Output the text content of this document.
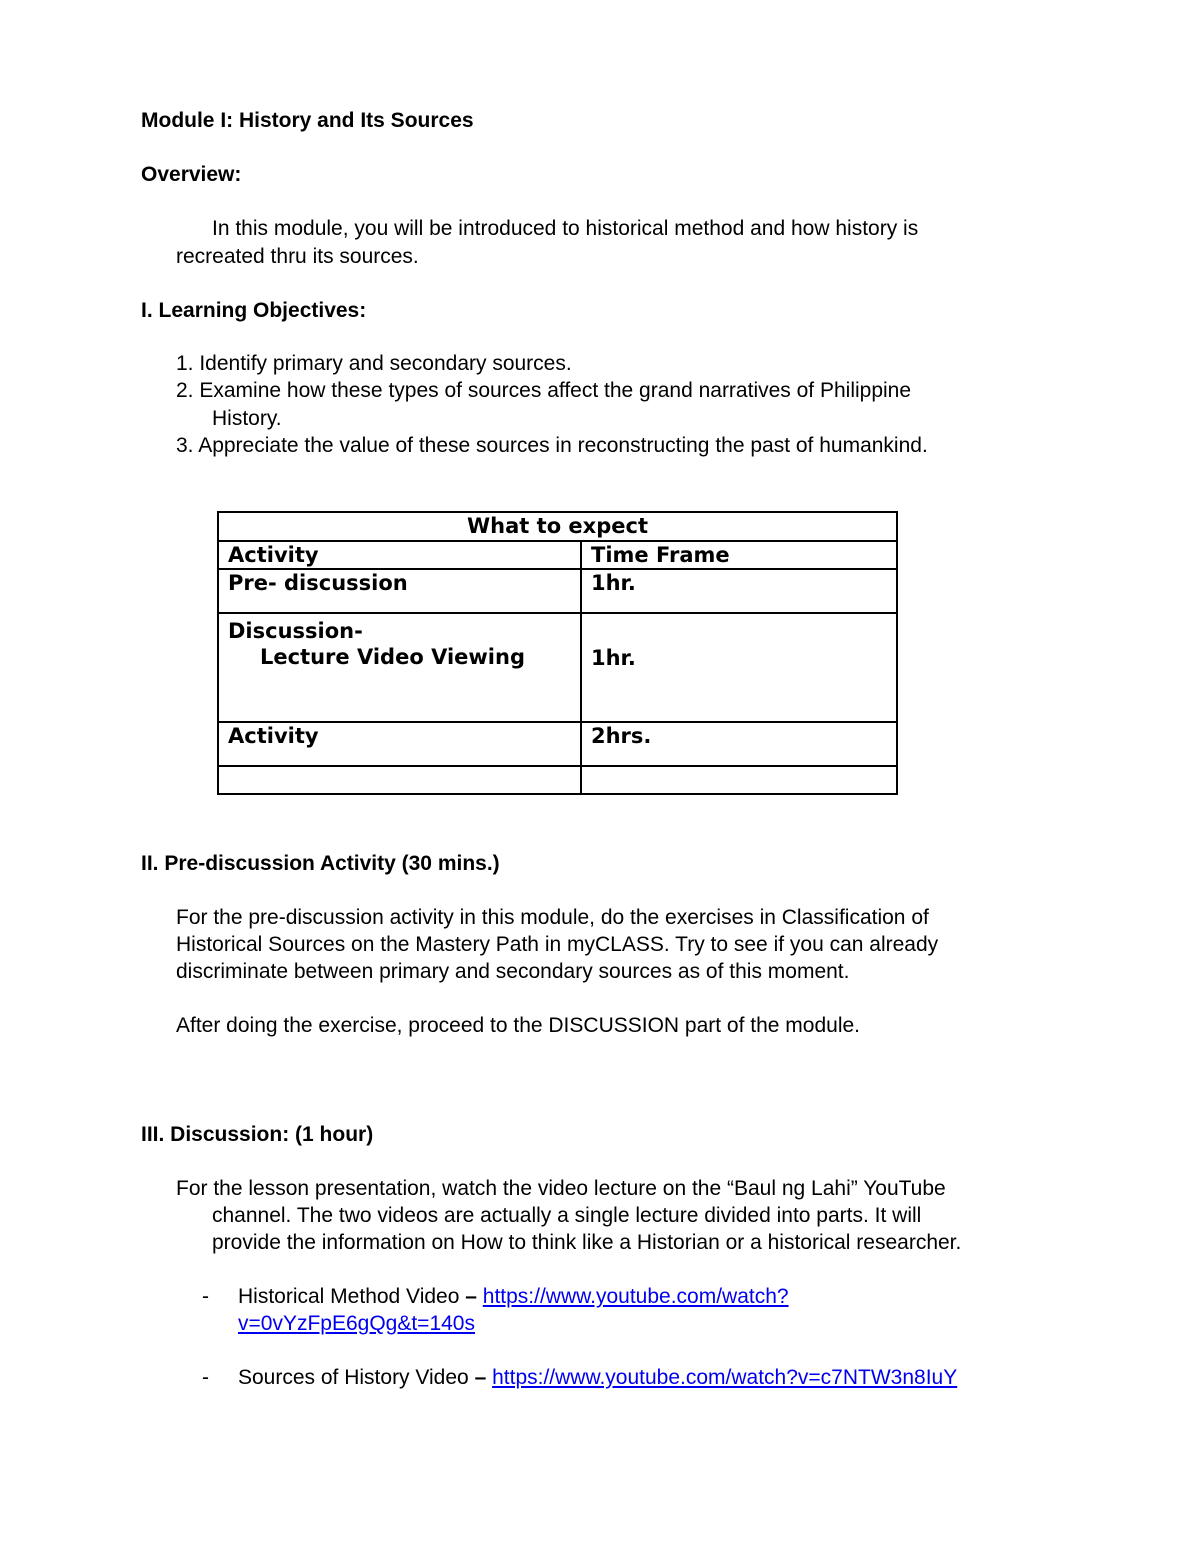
Module I: History and Its Sources
Overview:
In this module, you will be introduced to historical method and how history is
recreated thru its sources.
I. Learning Objectives:
1. Identify primary and secondary sources.
2. Examine how these types of sources affect the grand narratives of Philippine
History.
3. Appreciate the value of these sources in reconstructing the past of humankind.
What to expect	
Activity	Time Frame
Pre- discussion	1hr.

Discussion-
Lecture Video Viewing	1hr.

Activity	2hrs.

II. Pre-discussion Activity (30 mins.)
For the pre-discussion activity in this module, do the exercises in Classification of
Historical Sources on the Mastery Path in myCLASS. Try to see if you can already
discriminate between primary and secondary sources as of this moment.
After doing the exercise, proceed to the DISCUSSION part of the module.
III. Discussion: (1 hour)
For the lesson presentation, watch the video lecture on the “Baul ng Lahi” YouTube
channel. The two videos are actually a single lecture divided into parts. It will
provide the information on How to think like a Historian or a historical researcher.
- Historical Method Video – https://www.youtube.com/watch?
v=0vYzFpE6gQg&t=140s
- Sources of History Video – https://www.youtube.com/watch?v=c7NTW3n8IuY
